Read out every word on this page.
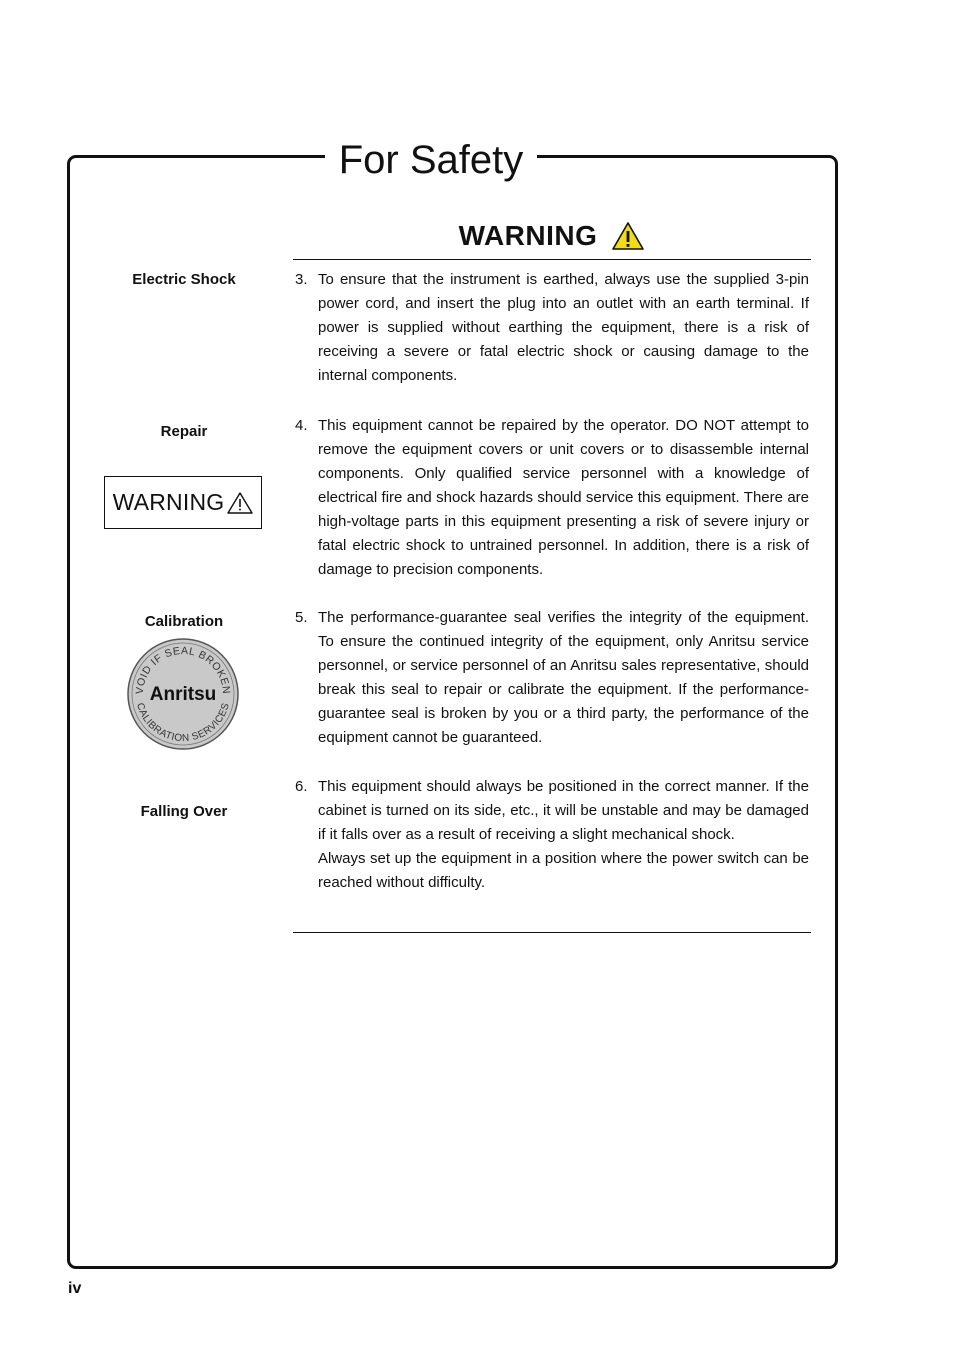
For Safety
WARNING
Electric Shock
Repair
WARNING
Calibration
VOID IF SEAL BROKEN
CALIBRATION SERVICES
Anritsu
Falling Over
3. To ensure that the instrument is earthed, always use the supplied 3-pin power cord, and insert the plug into an outlet with an earth terminal. If power is supplied without earthing the equipment, there is a risk of receiving a severe or fatal electric shock or causing damage to the internal components.

4. This equipment cannot be repaired by the operator. DO NOT attempt to remove the equipment covers or unit covers or to disassemble internal components. Only qualified service personnel with a knowledge of electrical fire and shock hazards should service this equipment. There are high-voltage parts in this equipment presenting a risk of severe injury or fatal electric shock to untrained personnel. In addition, there is a risk of damage to precision components.

5. The performance-guarantee seal verifies the integrity of the equipment. To ensure the continued integrity of the equipment, only Anritsu service personnel, or service personnel of an Anritsu sales representative, should break this seal to repair or calibrate the equipment. If the performance-guarantee seal is broken by you or a third party, the performance of the equipment cannot be guaranteed.

6. This equipment should always be positioned in the correct manner. If the cabinet is turned on its side, etc., it will be unstable and may be damaged if it falls over as a result of receiving a slight mechanical shock.

Always set up the equipment in a position where the power switch can be reached without difficulty.

iv
